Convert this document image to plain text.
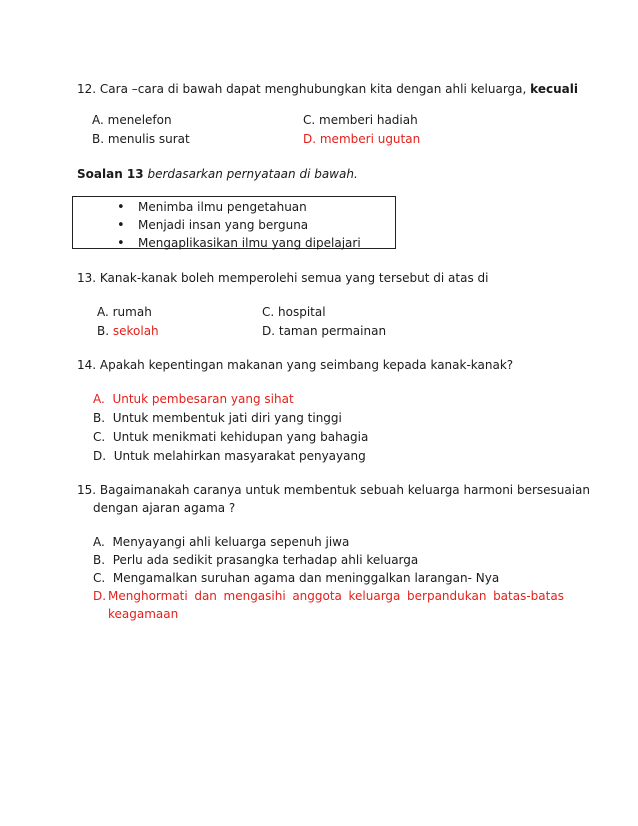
12. Cara –cara di bawah dapat menghubungkan kita dengan ahli keluarga, kecuali
A. menelefon
B. menulis surat
C. memberi hadiah
D. memberi ugutan
Soalan 13 berdasarkan pernyataan di bawah.
• Menimba ilmu pengetahuan
• Menjadi insan yang berguna
• Mengaplikasikan ilmu yang dipelajari
13. Kanak-kanak boleh memperolehi semua yang tersebut di atas di
A. rumah
B. sekolah
C. hospital
D. taman permainan
14. Apakah kepentingan makanan yang seimbang kepada kanak-kanak?
A. Untuk pembesaran yang sihat
B. Untuk membentuk jati diri yang tinggi
C. Untuk menikmati kehidupan yang bahagia
D. Untuk melahirkan masyarakat penyayang
15. Bagaimanakah caranya untuk membentuk sebuah keluarga harmoni bersesuaian
dengan ajaran agama ?
A. Menyayangi ahli keluarga sepenuh jiwa
B. Perlu ada sedikit prasangka terhadap ahli keluarga
C. Mengamalkan suruhan agama dan meninggalkan larangan- Nya
D. Menghormati dan mengasihi anggota keluarga berpandukan batas-batas
keagamaan
